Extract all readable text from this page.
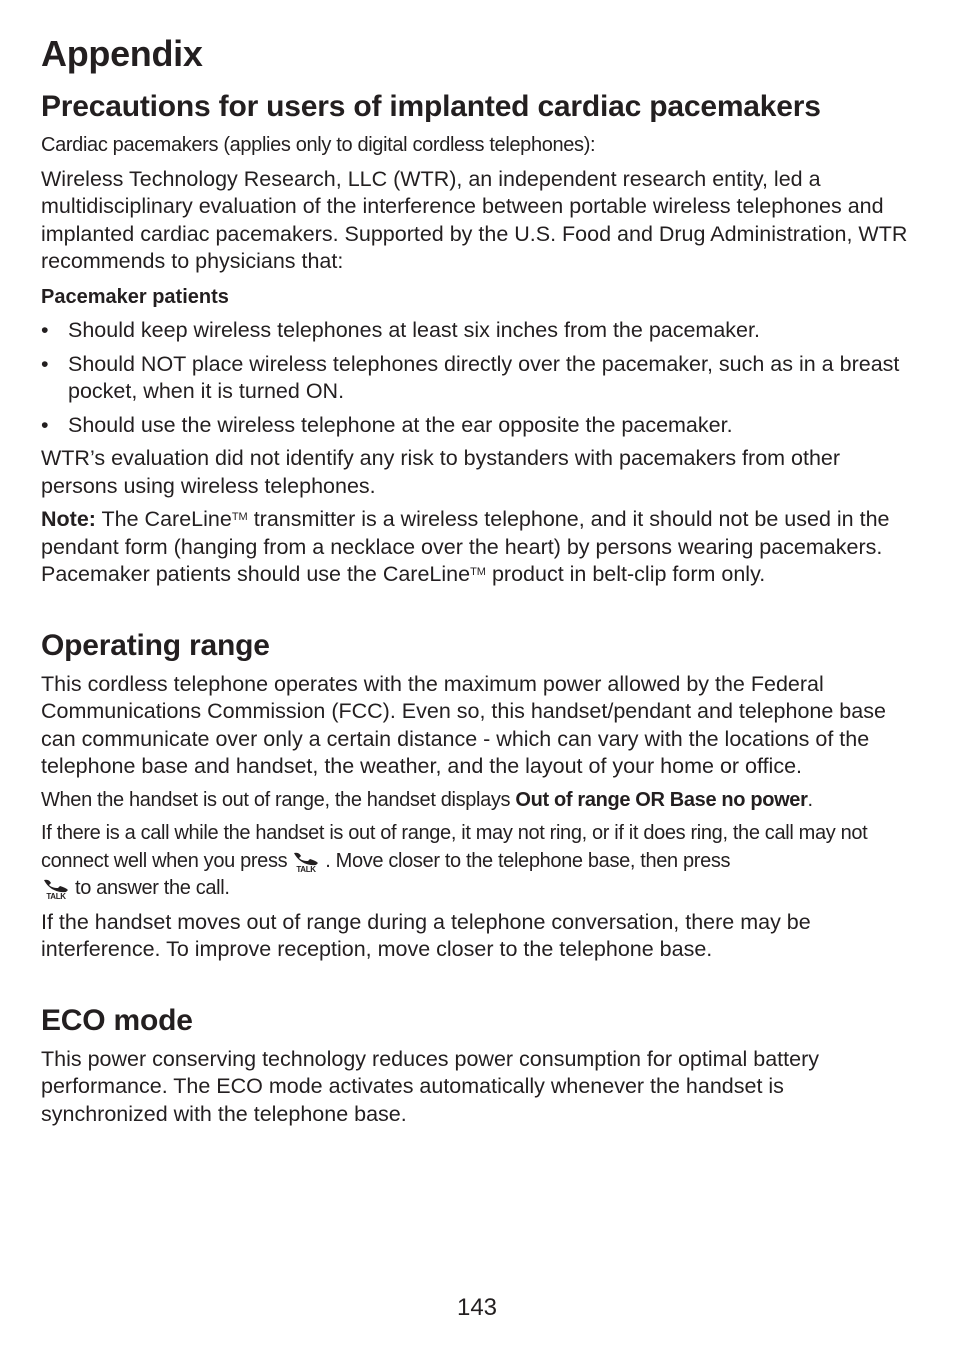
Appendix
Precautions for users of implanted cardiac pacemakers

Cardiac pacemakers (applies only to digital cordless telephones):

Wireless Technology Research, LLC (WTR), an independent research entity, led a multidisciplinary evaluation of the interference between portable wireless telephones and implanted cardiac pacemakers. Supported by the U.S. Food and Drug Administration, WTR recommends to physicians that:

Pacemaker patients

• Should keep wireless telephones at least six inches from the pacemaker.
• Should NOT place wireless telephones directly over the pacemaker, such as in a breast pocket, when it is turned ON.
• Should use the wireless telephone at the ear opposite the pacemaker.

WTR’s evaluation did not identify any risk to bystanders with pacemakers from other persons using wireless telephones.

Note: The CareLine™ transmitter is a wireless telephone, and it should not be used in the pendant form (hanging from a necklace over the heart) by persons wearing pacemakers. Pacemaker patients should use the CareLine™ product in belt-clip form only.

Operating range

This cordless telephone operates with the maximum power allowed by the Federal Communications Commission (FCC). Even so, this handset/pendant and telephone base can communicate over only a certain distance - which can vary with the locations of the telephone base and handset, the weather, and the layout of your home or office.

When the handset is out of range, the handset displays Out of range OR Base no power.

If there is a call while the handset is out of range, it may not ring, or if it does ring, the call may not connect well when you press TALK . Move closer to the telephone base, then press

TALK to answer the call.

If the handset moves out of range during a telephone conversation, there may be interference. To improve reception, move closer to the telephone base.

ECO mode

This power conserving technology reduces power consumption for optimal battery performance. The ECO mode activates automatically whenever the handset is synchronized with the telephone base.

143
